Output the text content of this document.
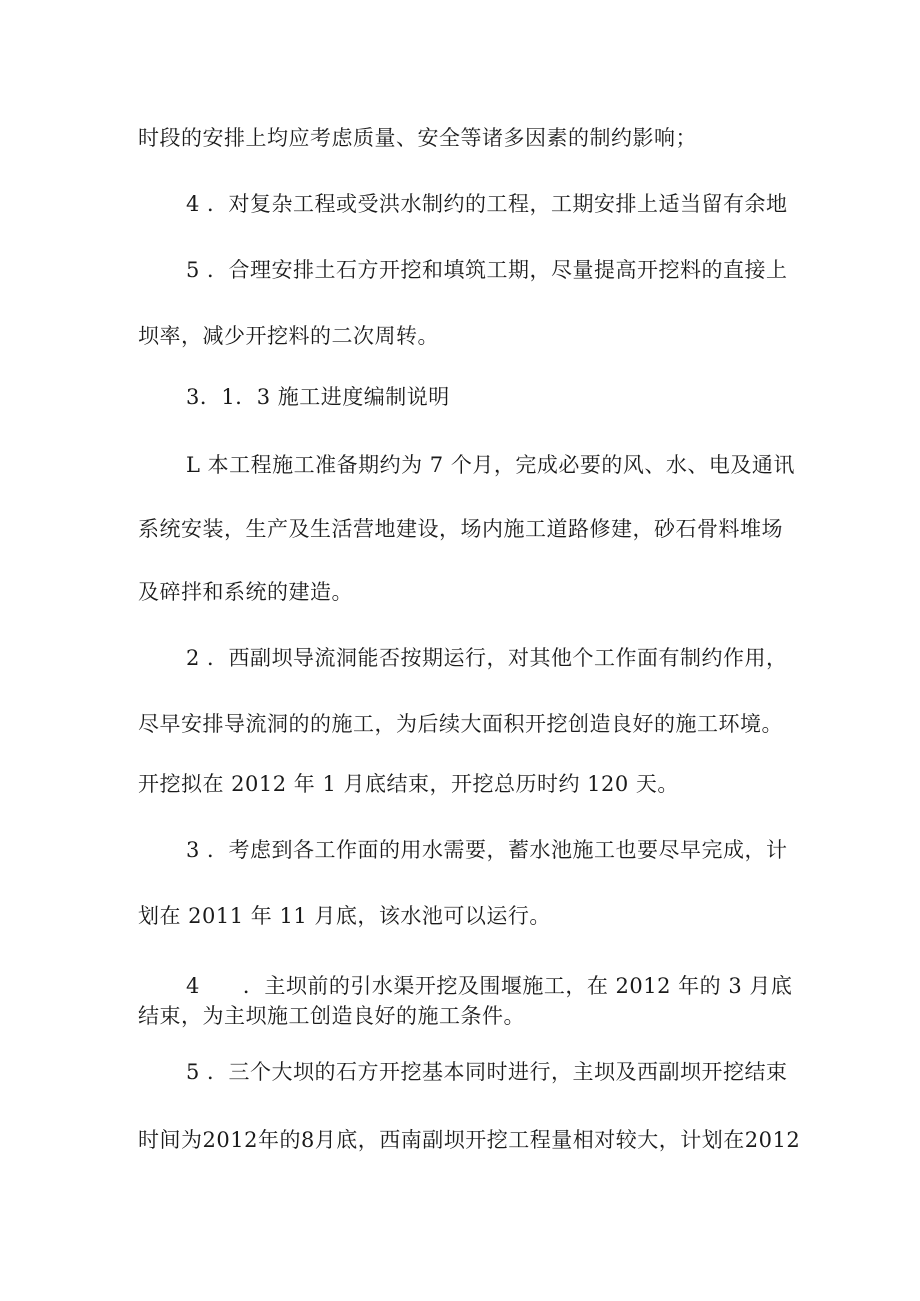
时段的安排上均应考虑质量、安全等诸多因素的制约影响；
4 ．对复杂工程或受洪水制约的工程，工期安排上适当留有余地
5 ．合理安排土石方开挖和填筑工期，尽量提高开挖料的直接上
坝率，减少开挖料的二次周转。
3．1．3 施工进度编制说明
L 本工程施工准备期约为 7 个月，完成必要的风、水、电及通讯
系统安装，生产及生活营地建设，场内施工道路修建，砂石骨料堆场
及碎拌和系统的建造。
2 ．西副坝导流洞能否按期运行，对其他个工作面有制约作用，
尽早安排导流洞的的施工，为后续大面积开挖创造良好的施工环境。
开挖拟在 2012 年 1 月底结束，开挖总历时约 120 天。
3 ．考虑到各工作面的用水需要，蓄水池施工也要尽早完成，计
划在 2011 年 11 月底，该水池可以运行。
4　　．主坝前的引水渠开挖及围堰施工，在 2012 年的 3 月底
结束，为主坝施工创造良好的施工条件。
5 ．三个大坝的石方开挖基本同时进行，主坝及西副坝开挖结束
时间为2012年的8月底，西南副坝开挖工程量相对较大，计划在2012
